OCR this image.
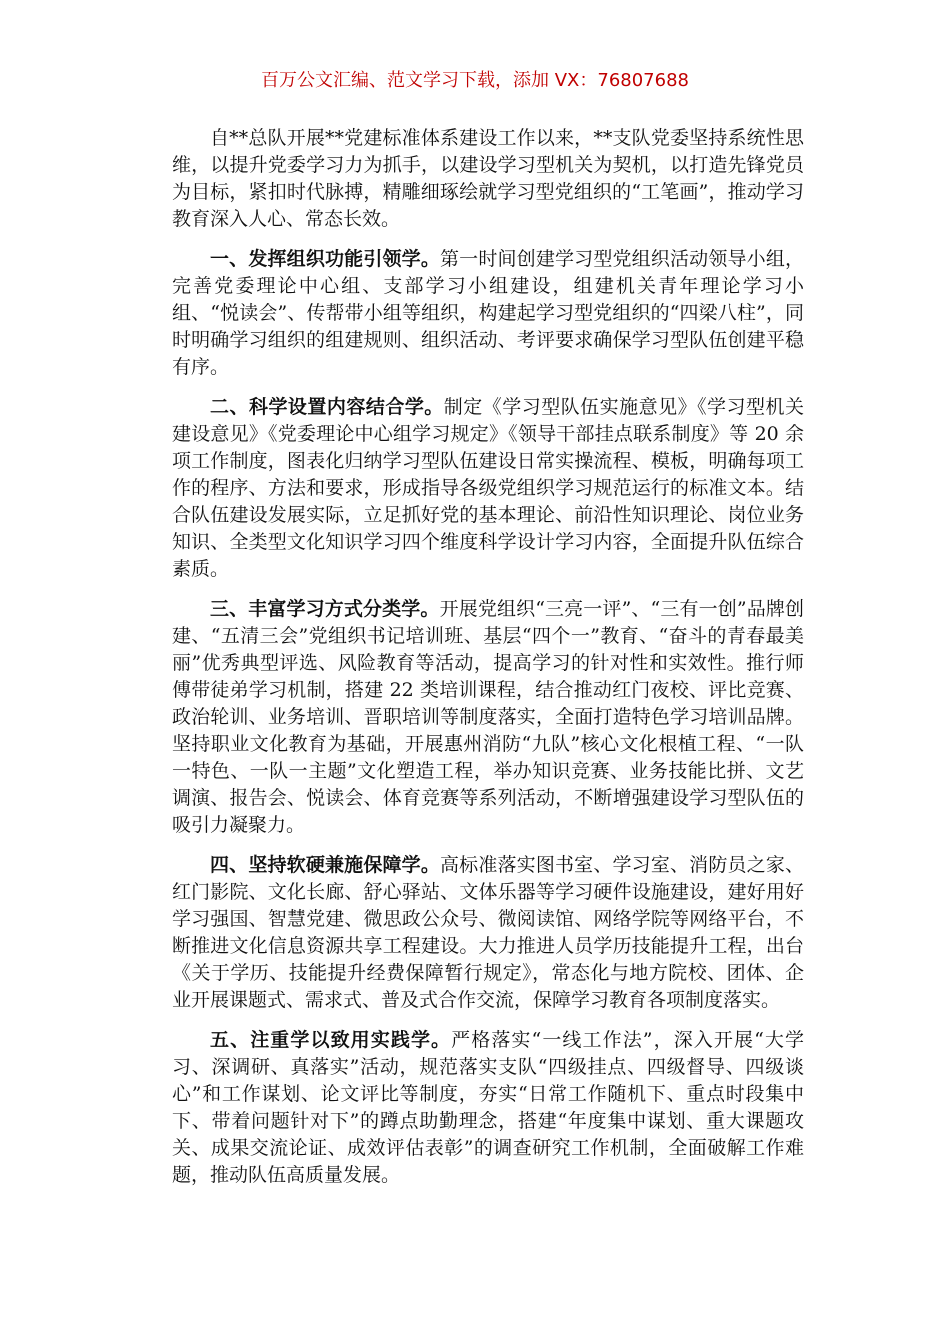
百万公文汇编、范文学习下载，添加 VX：76807688

自**总队开展**党建标准体系建设工作以来，**支队党委坚持系统性思维，以提升党委学习力为抓手，以建设学习型机关为契机，以打造先锋党员为目标，紧扣时代脉搏，精雕细琢绘就学习型党组织的“工笔画”，推动学习教育深入人心、常态长效。

一、发挥组织功能引领学。第一时间创建学习型党组织活动领导小组，完善党委理论中心组、支部学习小组建设，组建机关青年理论学习小组、“悦读会”、传帮带小组等组织，构建起学习型党组织的“四梁八柱”，同时明确学习组织的组建规则、组织活动、考评要求确保学习型队伍创建平稳有序。

二、科学设置内容结合学。制定《学习型队伍实施意见》《学习型机关建设意见》《党委理论中心组学习规定》《领导干部挂点联系制度》等 20 余项工作制度，图表化归纳学习型队伍建设日常实操流程、模板，明确每项工作的程序、方法和要求，形成指导各级党组织学习规范运行的标准文本。结合队伍建设发展实际，立足抓好党的基本理论、前沿性知识理论、岗位业务知识、全类型文化知识学习四个维度科学设计学习内容，全面提升队伍综合素质。

三、丰富学习方式分类学。开展党组织“三亮一评”、“三有一创”品牌创建、“五清三会”党组织书记培训班、基层“四个一”教育、“奋斗的青春最美丽”优秀典型评选、风险教育等活动，提高学习的针对性和实效性。推行师傅带徒弟学习机制，搭建 22 类培训课程，结合推动红门夜校、评比竞赛、政治轮训、业务培训、晋职培训等制度落实，全面打造特色学习培训品牌。坚持职业文化教育为基础，开展惠州消防“九队”核心文化根植工程、“一队一特色、一队一主题”文化塑造工程，举办知识竞赛、业务技能比拼、文艺调演、报告会、悦读会、体育竞赛等系列活动，不断增强建设学习型队伍的吸引力凝聚力。

四、坚持软硬兼施保障学。高标准落实图书室、学习室、消防员之家、红门影院、文化长廊、舒心驿站、文体乐器等学习硬件设施建设，建好用好学习强国、智慧党建、微思政公众号、微阅读馆、网络学院等网络平台，不断推进文化信息资源共享工程建设。大力推进人员学历技能提升工程，出台《关于学历、技能提升经费保障暂行规定》，常态化与地方院校、团体、企业开展课题式、需求式、普及式合作交流，保障学习教育各项制度落实。

五、注重学以致用实践学。严格落实“一线工作法”，深入开展“大学习、深调研、真落实”活动，规范落实支队“四级挂点、四级督导、四级谈心”和工作谋划、论文评比等制度，夯实“日常工作随机下、重点时段集中下、带着问题针对下”的蹲点助勤理念，搭建“年度集中谋划、重大课题攻关、成果交流论证、成效评估表彰”的调查研究工作机制，全面破解工作难题，推动队伍高质量发展。
